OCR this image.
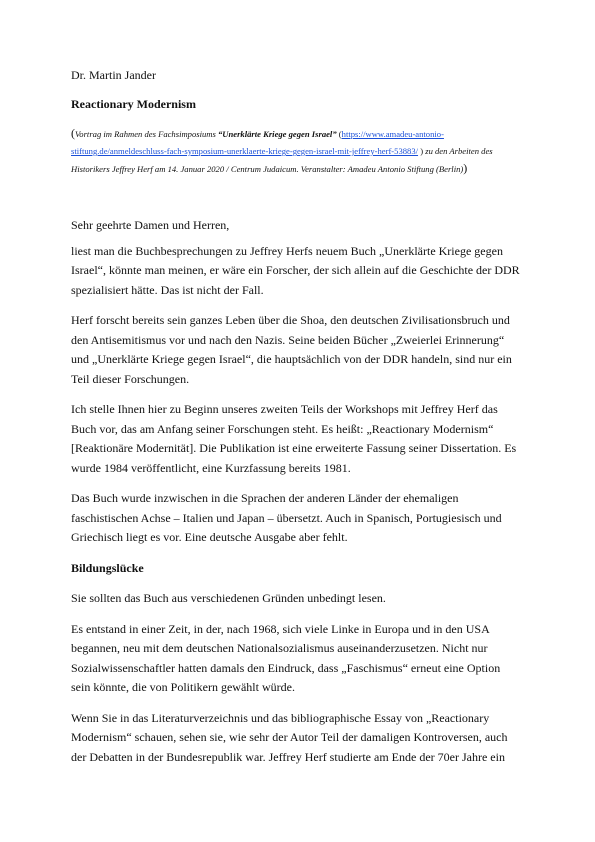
Dr. Martin Jander

Reactionary Modernism

(Vortrag im Rahmen des Fachsimposiums “Unerklärte Kriege gegen Israel” (https://www.amadeu-antonio-
stiftung.de/anmeldeschluss-fach-symposium-unerklaerte-kriege-gegen-israel-mit-jeffrey-herf-53883/ ) zu den Arbeiten des Historikers Jeffrey Herf am 14. Januar 2020 / Centrum Judaicum. Veranstalter: Amadeu Antonio Stiftung (Berlin))

Sehr geehrte Damen und Herren,

liest man die Buchbesprechungen zu Jeffrey Herfs neuem Buch „Unerklärte Kriege gegen Israel“, könnte man meinen, er wäre ein Forscher, der sich allein auf die Geschichte der DDR spezialisiert hätte. Das ist nicht der Fall.

Herf forscht bereits sein ganzes Leben über die Shoa, den deutschen Zivilisationsbruch und den Antisemitismus vor und nach den Nazis. Seine beiden Bücher „Zweierlei Erinnerung“ und „Unerklärte Kriege gegen Israel“, die hauptsächlich von der DDR handeln, sind nur ein Teil dieser Forschungen.

Ich stelle Ihnen hier zu Beginn unseres zweiten Teils der Workshops mit Jeffrey Herf das Buch vor, das am Anfang seiner Forschungen steht. Es heißt: „Reactionary Modernism“ [Reaktionäre Modernität]. Die Publikation ist eine erweiterte Fassung seiner Dissertation. Es wurde 1984 veröffentlicht, eine Kurzfassung bereits 1981.

Das Buch wurde inzwischen in die Sprachen der anderen Länder der ehemaligen faschistischen Achse – Italien und Japan – übersetzt. Auch in Spanisch, Portugiesisch und Griechisch liegt es vor. Eine deutsche Ausgabe aber fehlt.

Bildungslücke

Sie sollten das Buch aus verschiedenen Gründen unbedingt lesen.

Es entstand in einer Zeit, in der, nach 1968, sich viele Linke in Europa und in den USA begannen, neu mit dem deutschen Nationalsozialismus auseinanderzusetzen. Nicht nur Sozialwissenschaftler hatten damals den Eindruck, dass „Faschismus“ erneut eine Option sein könnte, die von Politikern gewählt würde.

Wenn Sie in das Literaturverzeichnis und das bibliographische Essay von „Reactionary Modernism“ schauen, sehen sie, wie sehr der Autor Teil der damaligen Kontroversen, auch der Debatten in der Bundesrepublik war. Jeffrey Herf studierte am Ende der 70er Jahre ein
